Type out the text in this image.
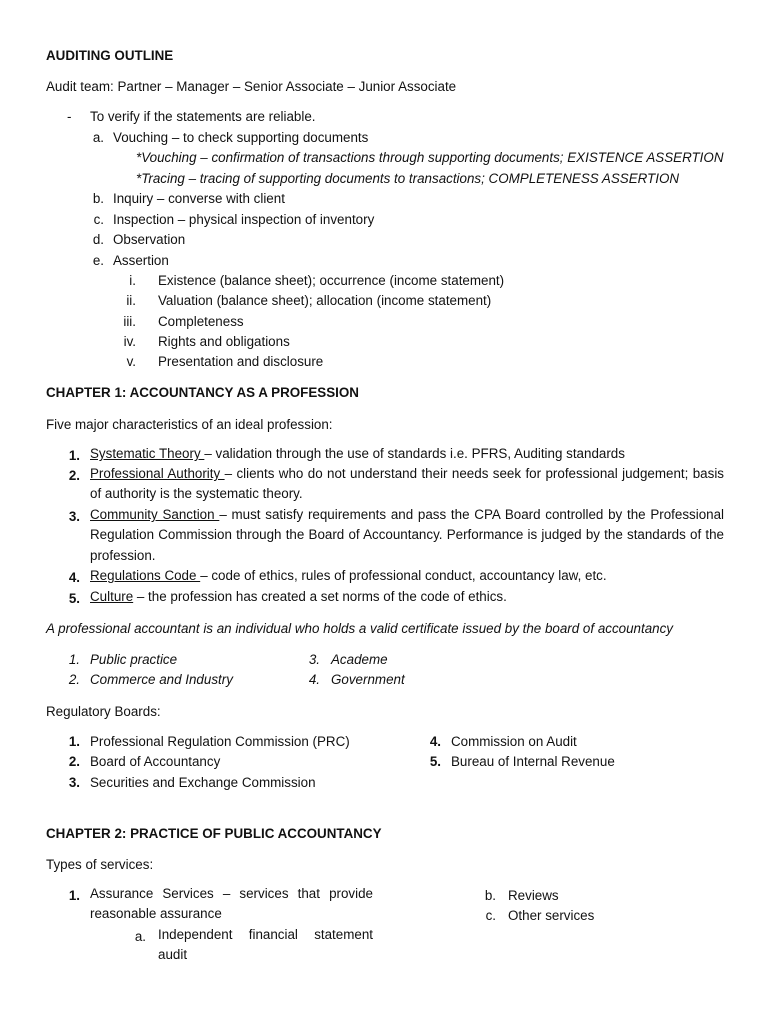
AUDITING OUTLINE
Audit team: Partner – Manager – Senior Associate – Junior Associate
- To verify if the statements are reliable.
a. Vouching – to check supporting documents
*Vouching – confirmation of transactions through supporting documents; EXISTENCE ASSERTION
*Tracing – tracing of supporting documents to transactions; COMPLETENESS ASSERTION
b. Inquiry – converse with client
c. Inspection – physical inspection of inventory
d. Observation
e. Assertion
i. Existence (balance sheet); occurrence (income statement)
ii. Valuation (balance sheet); allocation (income statement)
iii. Completeness
iv. Rights and obligations
v. Presentation and disclosure
CHAPTER 1: ACCOUNTANCY AS A PROFESSION
Five major characteristics of an ideal profession:
1. Systematic Theory – validation through the use of standards i.e. PFRS, Auditing standards
2. Professional Authority – clients who do not understand their needs seek for professional judgement; basis of authority is the systematic theory.
3. Community Sanction – must satisfy requirements and pass the CPA Board controlled by the Professional Regulation Commission through the Board of Accountancy. Performance is judged by the standards of the profession.
4. Regulations Code – code of ethics, rules of professional conduct, accountancy law, etc.
5. Culture – the profession has created a set norms of the code of ethics.
A professional accountant is an individual who holds a valid certificate issued by the board of accountancy
1. Public practice
2. Commerce and Industry
3. Academe
4. Government
Regulatory Boards:
1. Professional Regulation Commission (PRC)
2. Board of Accountancy
3. Securities and Exchange Commission
4. Commission on Audit
5. Bureau of Internal Revenue
CHAPTER 2: PRACTICE OF PUBLIC ACCOUNTANCY
Types of services:
1. Assurance Services – services that provide reasonable assurance
a. Independent financial statement audit
b. Reviews
c. Other services
